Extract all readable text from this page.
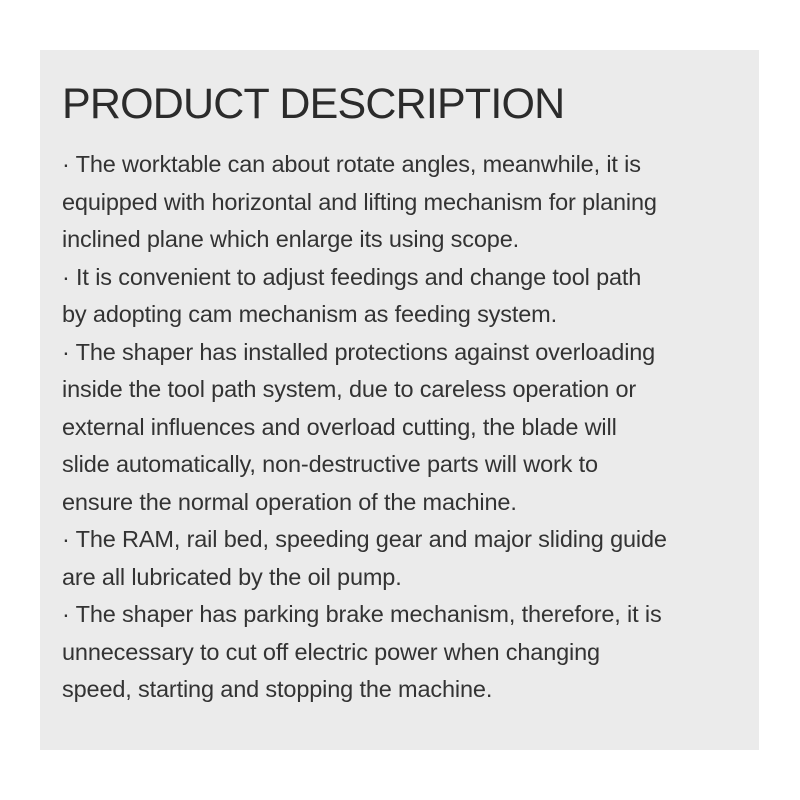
PRODUCT DESCRIPTION
· The worktable can about rotate angles, meanwhile, it is
equipped with horizontal and lifting mechanism for planing
inclined plane which enlarge its using scope.
· It is convenient to adjust feedings and change tool path
by adopting cam mechanism as feeding system.
· The shaper has installed protections against overloading
inside the tool path system, due to careless operation or
external influences and overload cutting, the blade will
slide automatically, non-destructive parts will work to
ensure the normal operation of the machine.
· The RAM, rail bed, speeding gear and major sliding guide
are all lubricated by the oil pump.
· The shaper has parking brake mechanism, therefore, it is
unnecessary to cut off electric power when changing
speed, starting and stopping the machine.
